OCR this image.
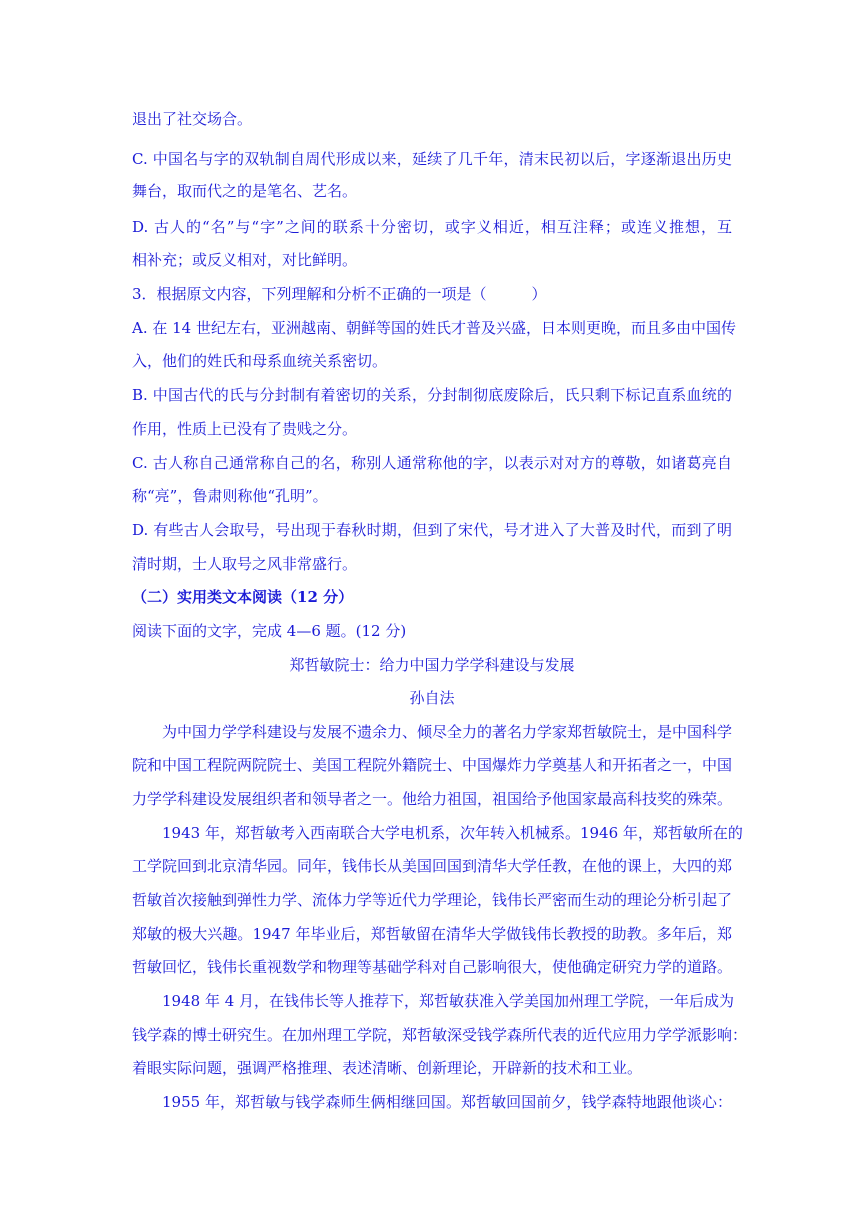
退出了社交场合。
C. 中国名与字的双轨制自周代形成以来，延续了几千年，清末民初以后，字逐渐退出历史
舞台，取而代之的是笔名、艺名。
D. 古人的“名”与“字”之间的联系十分密切，或字义相近，相互注释；或连义推想，互
相补充；或反义相对，对比鲜明。
3．根据原文内容，下列理解和分析不正确的一项是（　　　）
A. 在 14 世纪左右，亚洲越南、朝鲜等国的姓氏才普及兴盛，日本则更晚，而且多由中国传
入，他们的姓氏和母系血统关系密切。
B. 中国古代的氏与分封制有着密切的关系，分封制彻底废除后，氏只剩下标记直系血统的
作用，性质上已没有了贵贱之分。
C. 古人称自己通常称自己的名，称别人通常称他的字，以表示对对方的尊敬，如诸葛亮自
称“亮”，鲁肃则称他“孔明”。
D. 有些古人会取号，号出现于春秋时期，但到了宋代，号才进入了大普及时代，而到了明
清时期，士人取号之风非常盛行。
（二）实用类文本阅读（12 分）
阅读下面的文字，完成 4—6 题。(12 分)
郑哲敏院士：给力中国力学学科建设与发展
孙自法
为中国力学学科建设与发展不遗余力、倾尽全力的著名力学家郑哲敏院士，是中国科学
院和中国工程院两院院士、美国工程院外籍院士、中国爆炸力学奠基人和开拓者之一，中国
力学学科建设发展组织者和领导者之一。他给力祖国，祖国给予他国家最高科技奖的殊荣。
1943 年，郑哲敏考入西南联合大学电机系，次年转入机械系。1946 年，郑哲敏所在的
工学院回到北京清华园。同年，钱伟长从美国回国到清华大学任教，在他的课上，大四的郑
哲敏首次接触到弹性力学、流体力学等近代力学理论，钱伟长严密而生动的理论分析引起了
郑敏的极大兴趣。1947 年毕业后，郑哲敏留在清华大学做钱伟长教授的助教。多年后，郑
哲敏回忆，钱伟长重视数学和物理等基础学科对自己影响很大，使他确定研究力学的道路。
1948 年 4 月，在钱伟长等人推荐下，郑哲敏获准入学美国加州理工学院，一年后成为
钱学森的博士研究生。在加州理工学院，郑哲敏深受钱学森所代表的近代应用力学学派影响：
着眼实际问题，强调严格推理、表述清晰、创新理论，开辟新的技术和工业。
1955 年，郑哲敏与钱学森师生俩相继回国。郑哲敏回国前夕，钱学森特地跟他谈心：
